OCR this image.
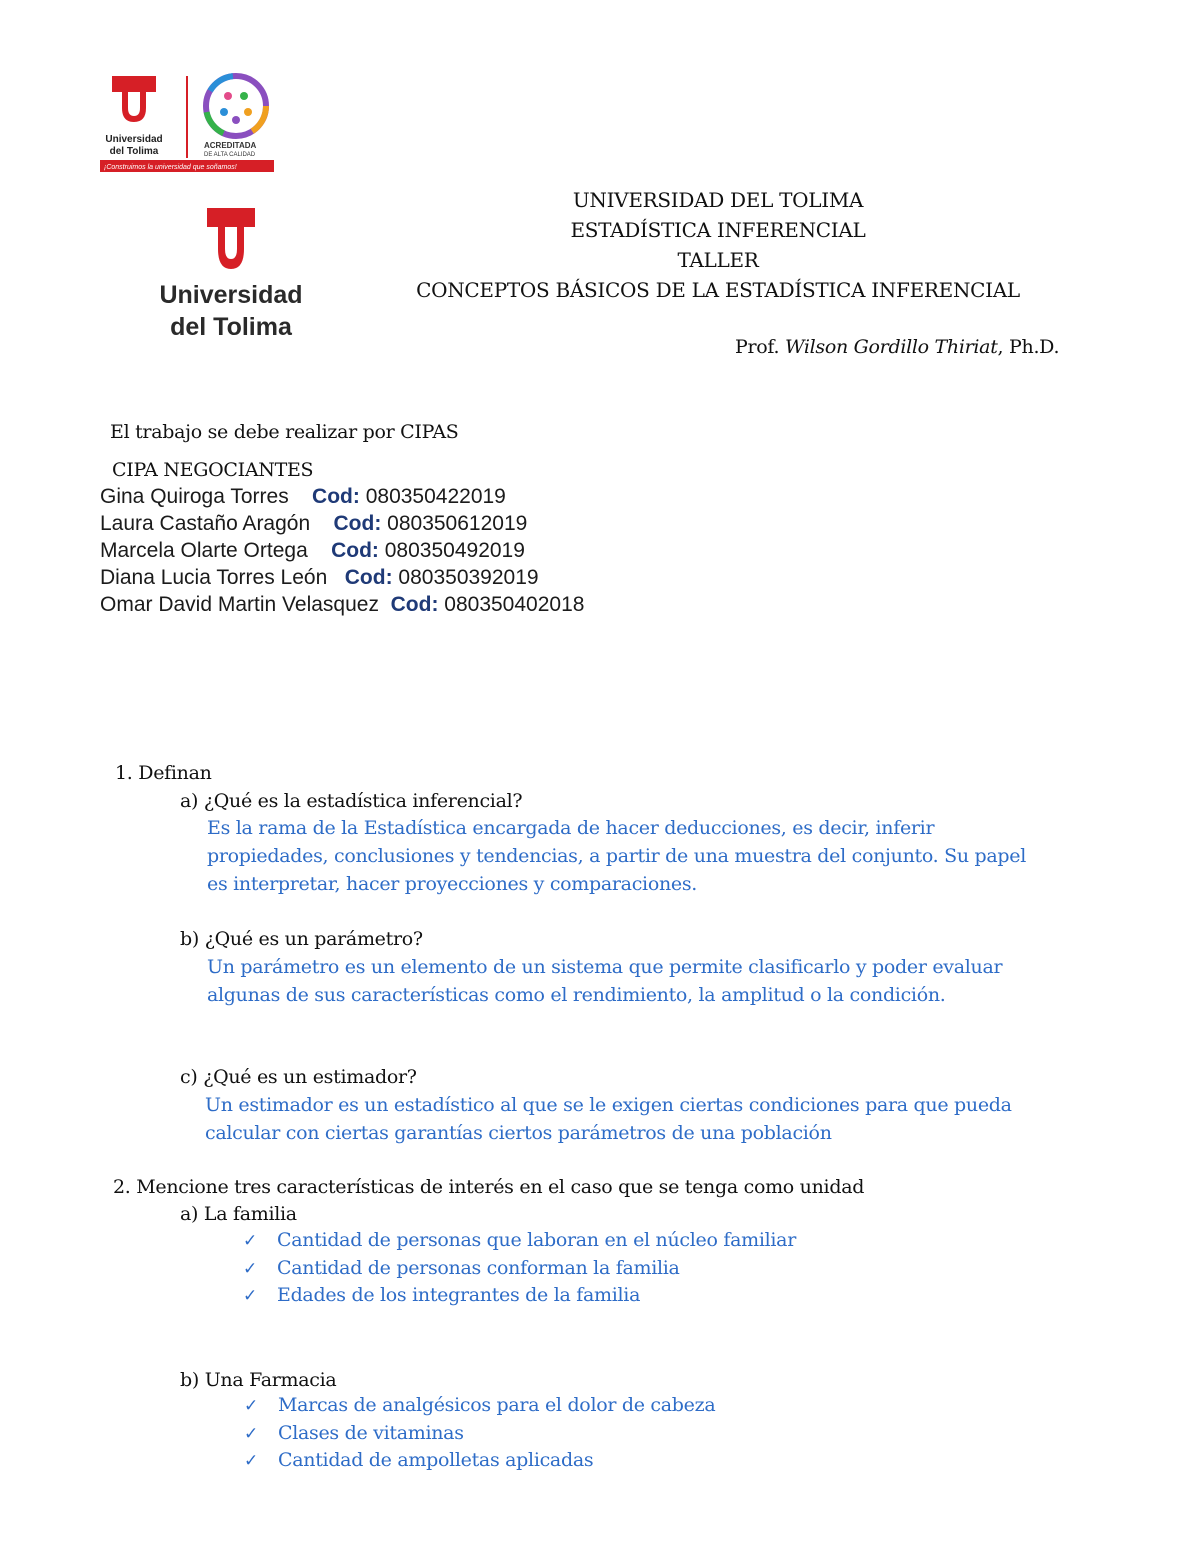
Universidad
del Tolima
ACREDITADA
DE ALTA CALIDAD
¡Construimos la universidad que soñamos!
Universidad
del Tolima
UNIVERSIDAD DEL TOLIMA
ESTADÍSTICA INFERENCIAL
TALLER
CONCEPTOS BÁSICOS DE LA ESTADÍSTICA INFERENCIAL
Prof. Wilson Gordillo Thiriat, Ph.D.
El trabajo se debe realizar por CIPAS
CIPA NEGOCIANTES
Gina Quiroga Torres    Cod: 080350422019
Laura Castaño Aragón    Cod: 080350612019
Marcela Olarte Ortega    Cod: 080350492019
Diana Lucia Torres León   Cod: 080350392019
Omar David Martin Velasquez  Cod: 080350402018
1. Definan
a) ¿Qué es la estadística inferencial?
Es la rama de la Estadística encargada de hacer deducciones, es decir, inferir
propiedades, conclusiones y tendencias, a partir de una muestra del conjunto. Su papel
es interpretar, hacer proyecciones y comparaciones.
b) ¿Qué es un parámetro?
Un parámetro es un elemento de un sistema que permite clasificarlo y poder evaluar
algunas de sus características como el rendimiento, la amplitud o la condición.
c) ¿Qué es un estimador?
Un estimador es un estadístico al que se le exigen ciertas condiciones para que pueda
calcular con ciertas garantías ciertos parámetros de una población
2. Mencione tres características de interés en el caso que se tenga como unidad
a) La familia
✓ Cantidad de personas que laboran en el núcleo familiar
✓ Cantidad de personas conforman la familia
✓ Edades de los integrantes de la familia
b) Una Farmacia
✓ Marcas de analgésicos para el dolor de cabeza
✓ Clases de vitaminas
✓ Cantidad de ampolletas aplicadas
